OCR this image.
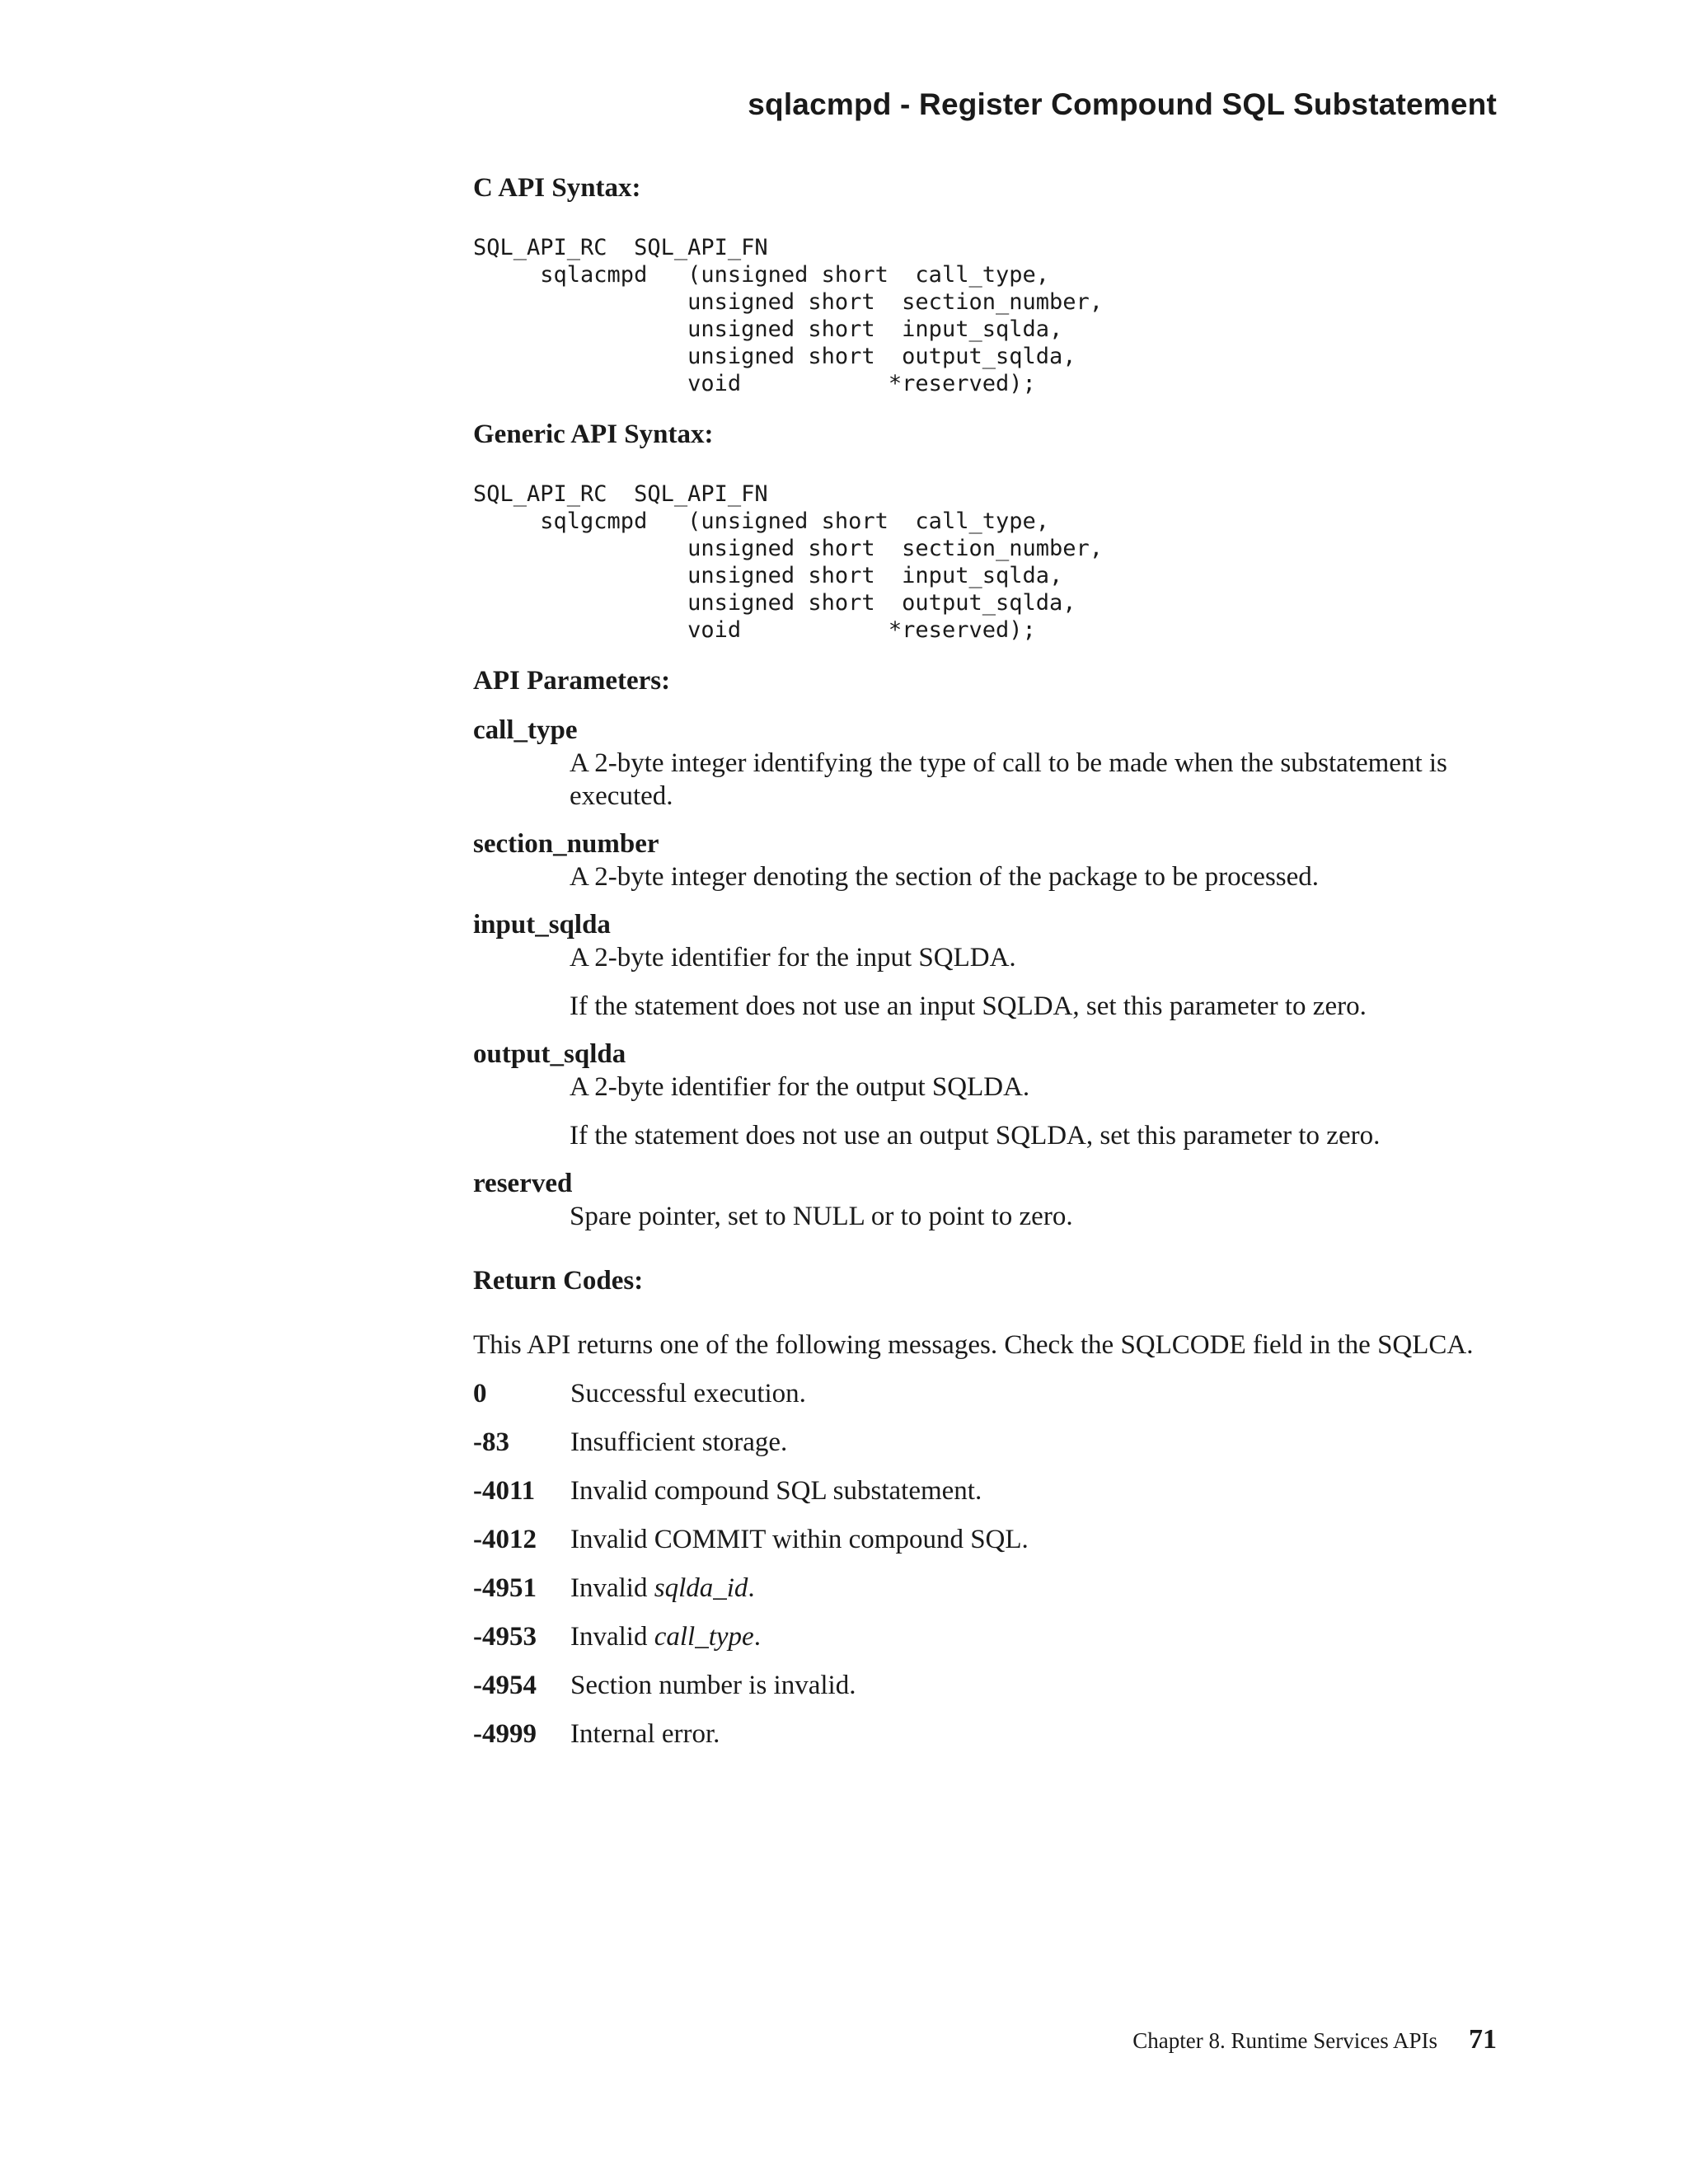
sqlacmpd - Register Compound SQL Substatement
C API Syntax:
SQL_API_RC  SQL_API_FN
sqlacmpd   (unsigned short  call_type,
unsigned short  section_number,
unsigned short  input_sqlda,
unsigned short  output_sqlda,
void           *reserved);
Generic API Syntax:
SQL_API_RC  SQL_API_FN
sqlgcmpd   (unsigned short  call_type,
unsigned short  section_number,
unsigned short  input_sqlda,
unsigned short  output_sqlda,
void           *reserved);
API Parameters:
call_type
A 2-byte integer identifying the type of call to be made when the substatement is executed.
section_number
A 2-byte integer denoting the section of the package to be processed.
input_sqlda
A 2-byte identifier for the input SQLDA.
If the statement does not use an input SQLDA, set this parameter to zero.
output_sqlda
A 2-byte identifier for the output SQLDA.
If the statement does not use an output SQLDA, set this parameter to zero.
reserved
Spare pointer, set to NULL or to point to zero.
Return Codes:

This API returns one of the following messages. Check the SQLCODE field in the SQLCA.

0	Successful execution.
-83	Insufficient storage.
-4011	Invalid compound SQL substatement.
-4012	Invalid COMMIT within compound SQL.
-4951	Invalid sqlda_id.
-4953	Invalid call_type.
-4954	Section number is invalid.
-4999	Internal error.
Chapter 8. Runtime Services APIs 71
